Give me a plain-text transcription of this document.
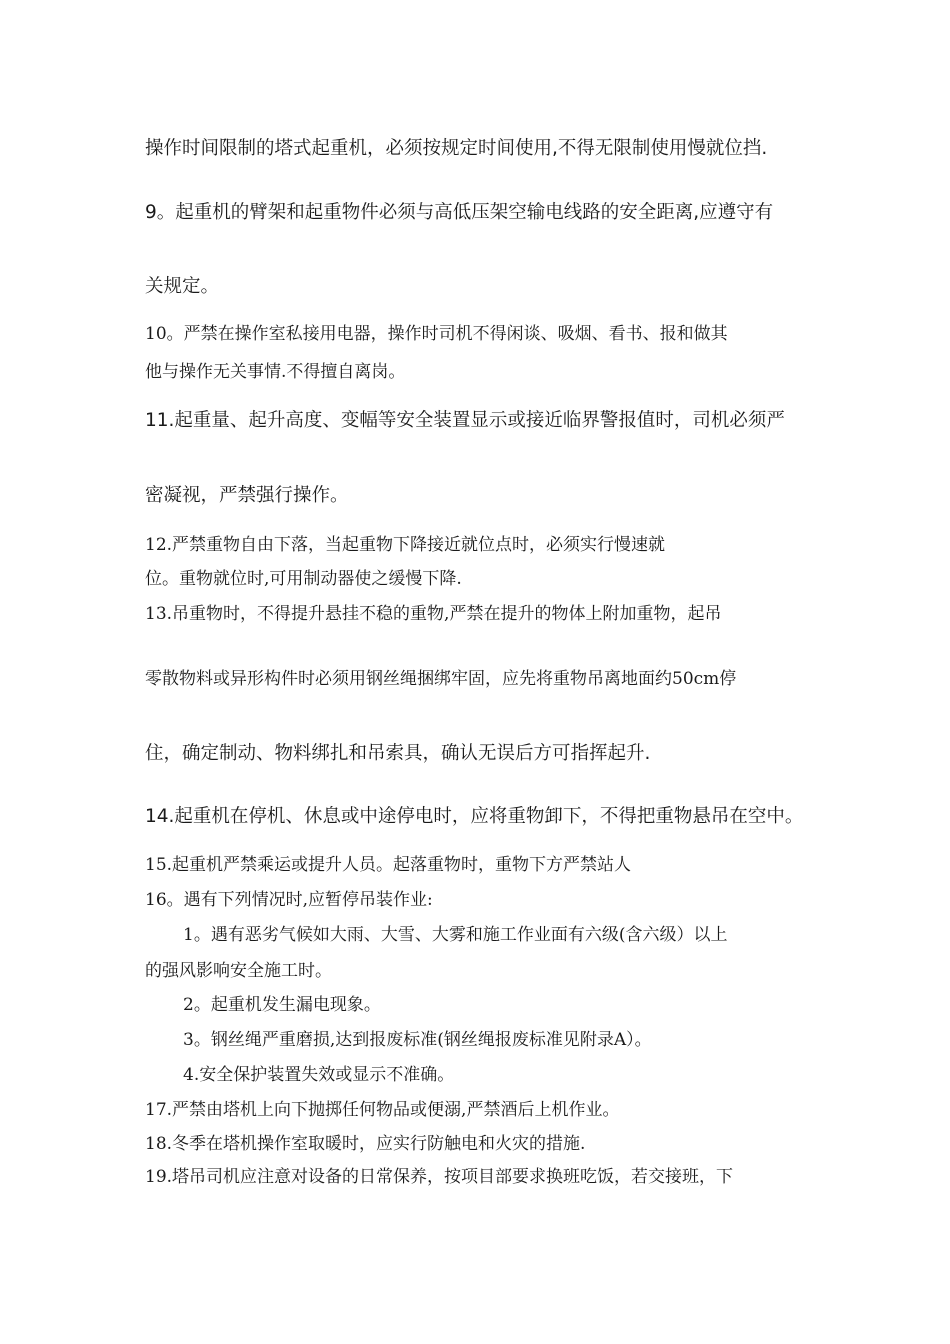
操作时间限制的塔式起重机，必须按规定时间使用,不得无限制使用慢就位挡.
9。起重机的臂架和起重物件必须与高低压架空输电线路的安全距离,应遵守有
关规定。
10。严禁在操作室私接用电器，操作时司机不得闲谈、吸烟、看书、报和做其
他与操作无关事情.不得擅自离岗。
11.起重量、起升高度、变幅等安全装置显示或接近临界警报值时，司机必须严
密凝视，严禁强行操作。
12.严禁重物自由下落，当起重物下降接近就位点时，必须实行慢速就
位。重物就位时,可用制动器使之缓慢下降.
13.吊重物时，不得提升悬挂不稳的重物,严禁在提升的物体上附加重物，起吊
零散物料或异形构件时必须用钢丝绳捆绑牢固，应先将重物吊离地面约50cm停
住，确定制动、物料绑扎和吊索具，确认无误后方可指挥起升.
14.起重机在停机、休息或中途停电时，应将重物卸下，不得把重物悬吊在空中。
15.起重机严禁乘运或提升人员。起落重物时，重物下方严禁站人
16。遇有下列情况时,应暂停吊装作业:
1。遇有恶劣气候如大雨、大雪、大雾和施工作业面有六级(含六级）以上
的强风影响安全施工时。
2。起重机发生漏电现象。
3。钢丝绳严重磨损,达到报废标准(钢丝绳报废标准见附录A）。
4.安全保护装置失效或显示不准确。
17.严禁由塔机上向下抛掷任何物品或便溺,严禁酒后上机作业。
18.冬季在塔机操作室取暖时，应实行防触电和火灾的措施.
19.塔吊司机应注意对设备的日常保养，按项目部要求换班吃饭，若交接班，下
